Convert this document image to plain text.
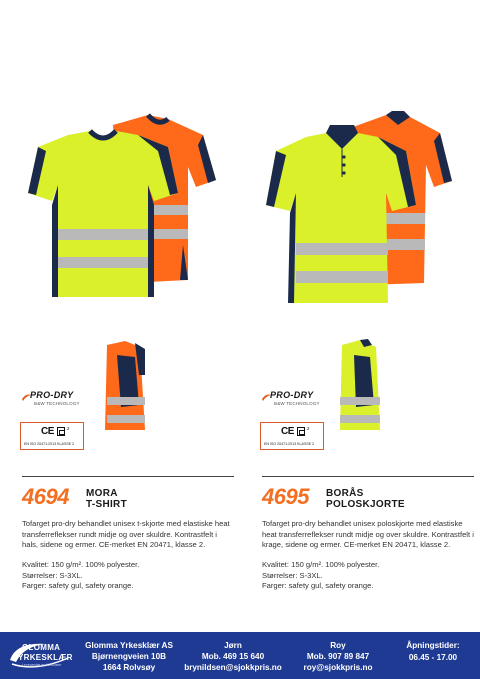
PRO-DRY
B&W TECHNOLOGY
CE	2
EN ISO 20471:2013 KLASSE 2
4694 MORA
T-SHIRT

Tofarget pro-dry behandlet unisex t-skjorte med elastiske heat transferreflekser rundt midje og over skuldre. Kontrastfelt i hals, sidene og ermer. CE-merket EN 20471, klasse 2.

Kvalitet: 150 g/m². 100% polyester.
Størrelser: S-3XL.
Farger: safety gul, safety orange.
PRO-DRY
B&W TECHNOLOGY
CE	2
EN ISO 20471:2013 KLASSE 2
4695 BORÅS
POLOSKJORTE

Tofarget pro-dry behandlet unisex poloskjorte med elastiske heat transferreflekser rundt midje og over skuldre. Kontrastfelt i krage, sidene og ermer. CE-merket EN 20471, klasse 2.

Kvalitet: 150 g/m². 100% polyester.
Størrelser: S-3XL.
Farger: safety gul, safety orange.
GLOMMA
YRKESKLÆR
Leverandør av Klesvarer
Glomma Yrkesklær AS
Bjørnengveien 10B
1664 Rolvsøy
Jørn
Mob. 469 15 640
brynildsen@sjokkpris.no
Roy
Mob. 907 89 847
roy@sjokkpris.no
Åpningstider:
06.45 - 17.00
